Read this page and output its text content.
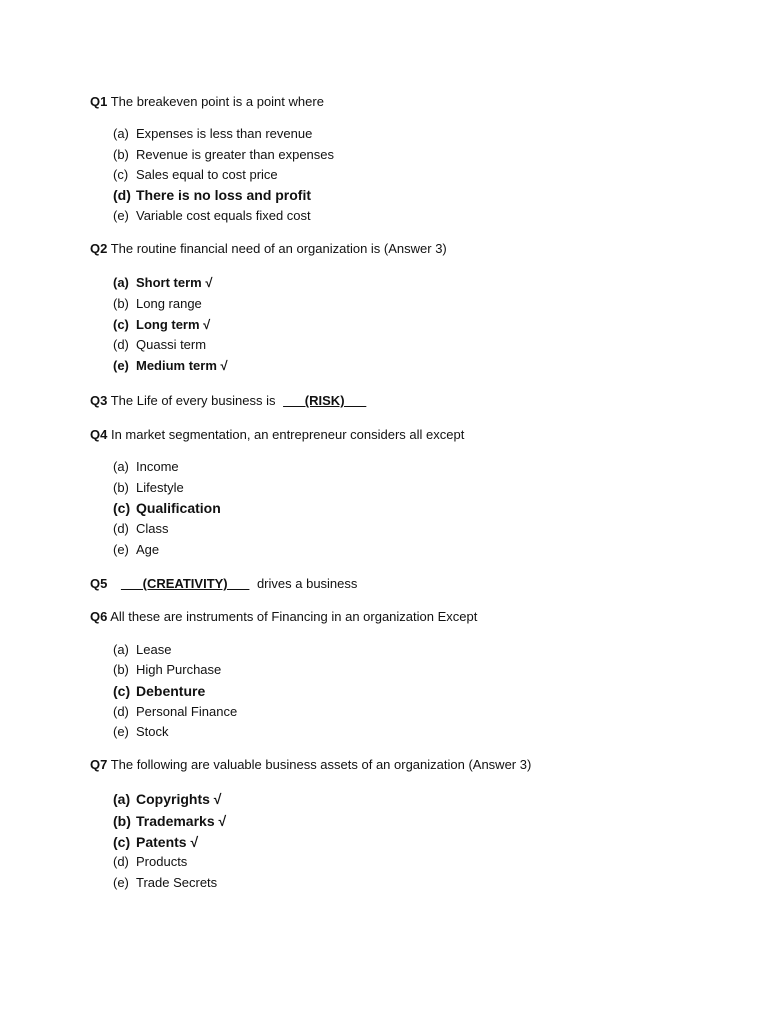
Q1 The breakeven point is a point where
(a) Expenses is less than revenue
(b) Revenue is greater than expenses
(c) Sales equal to cost price
(d) There is no loss and profit
(e) Variable cost equals fixed cost
Q2 The routine financial need of an organization is (Answer 3)
(a) Short term √
(b) Long range
(c) Long term √
(d) Quassi term
(e) Medium term √
Q3 The Life of every business is ___(RISK)___
Q4 In market segmentation, an entrepreneur considers all except
(a) Income
(b) Lifestyle
(c) Qualification
(d) Class
(e) Age
Q5 ___(CREATIVITY)___ drives a business
Q6 All these are instruments of Financing in an organization Except
(a) Lease
(b) High Purchase
(c) Debenture
(d) Personal Finance
(e) Stock
Q7 The following are valuable business assets of an organization (Answer 3)
(a) Copyrights √
(b) Trademarks √
(c) Patents √
(d) Products
(e) Trade Secrets
